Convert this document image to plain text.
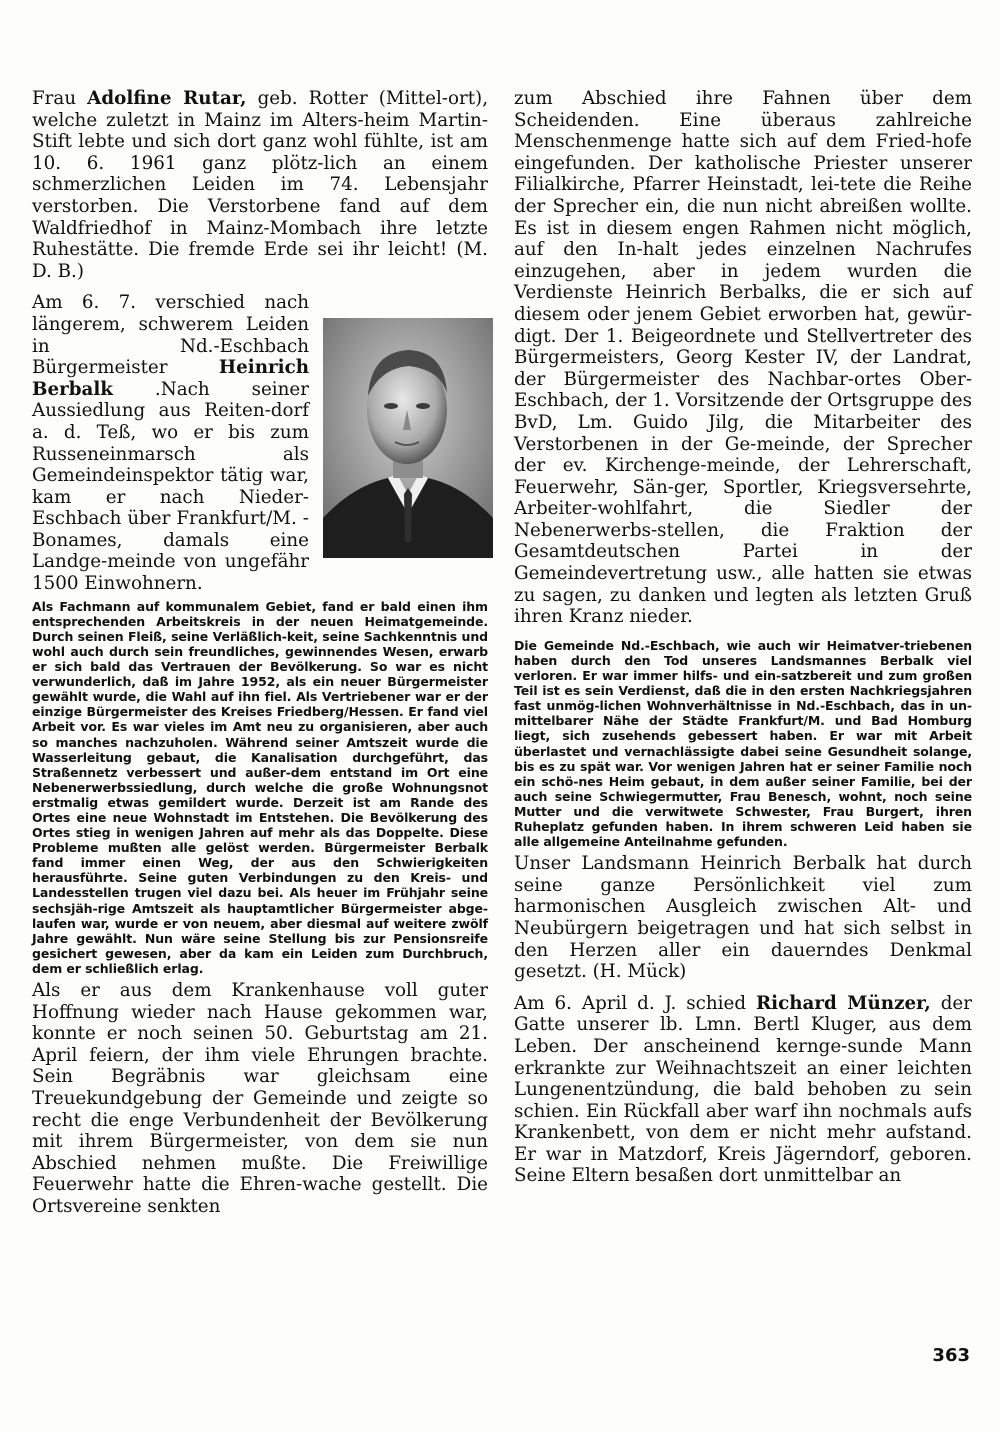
Frau Adolfine Rutar, geb. Rotter (Mittel-ort), welche zuletzt in Mainz im Alters-heim Martin-Stift lebte und sich dort ganz wohl fühlte, ist am 10. 6. 1961 ganz plötz-lich an einem schmerzlichen Leiden im 74. Lebensjahr verstorben. Die Verstorbene fand auf dem Waldfriedhof in Mainz-Mombach ihre letzte Ruhestätte. Die fremde Erde sei ihr leicht! (M. D. B.)

Am 6. 7. verschied nach längerem, schwerem Leiden in Nd.-Eschbach Bürgermeister Heinrich Berbalk .Nach seiner Aussiedlung aus Reiten-dorf a. d. Teß, wo er bis zum Russeneinmarsch als Gemeindeinspektor tätig war, kam er nach Nieder-Eschbach über Frankfurt/M. - Bonames, damals eine Landge-meinde von ungefähr 1500 Einwohnern.

Als Fachmann auf kommunalem Gebiet, fand er bald einen ihm entsprechenden Arbeitskreis in der neuen Heimatgemeinde. Durch seinen Fleiß, seine Verläßlich-keit, seine Sachkenntnis und wohl auch durch sein freundliches, gewinnendes Wesen, erwarb er sich bald das Vertrauen der Bevölkerung. So war es nicht verwunderlich, daß im Jahre 1952, als ein neuer Bürgermeister gewählt wurde, die Wahl auf ihn fiel. Als Vertriebener war er der einzige Bürgermeister des Kreises Friedberg/Hessen. Er fand viel Arbeit vor. Es war vieles im Amt neu zu organisieren, aber auch so manches nachzuholen. Während seiner Amtszeit wurde die Wasserleitung gebaut, die Kanalisation durchgeführt, das Straßennetz verbessert und außer-dem entstand im Ort eine Nebenerwerbssiedlung, durch welche die große Wohnungsnot erstmalig etwas gemildert wurde. Derzeit ist am Rande des Ortes eine neue Wohnstadt im Entstehen. Die Bevölkerung des Ortes stieg in wenigen Jahren auf mehr als das Doppelte. Diese Probleme mußten alle gelöst werden. Bürgermeister Berbalk fand immer einen Weg, der aus den Schwierigkeiten herausführte. Seine guten Verbindungen zu den Kreis- und Landesstellen trugen viel dazu bei. Als heuer im Frühjahr seine sechsjäh-rige Amtszeit als hauptamtlicher Bürgermeister abge-laufen war, wurde er von neuem, aber diesmal auf weitere zwölf Jahre gewählt. Nun wäre seine Stellung bis zur Pensionsreife gesichert gewesen, aber da kam ein Leiden zum Durchbruch, dem er schließlich erlag.

Als er aus dem Krankenhause voll guter Hoffnung wieder nach Hause gekommen war, konnte er noch seinen 50. Geburtstag am 21. April feiern, der ihm viele Ehrungen brachte. Sein Begräbnis war gleichsam eine Treuekundgebung der Gemeinde und zeigte so recht die enge Verbundenheit der Bevölkerung mit ihrem Bürgermeister, von dem sie nun Abschied nehmen mußte. Die Freiwillige Feuerwehr hatte die Ehren-wache gestellt. Die Ortsvereine senkten

zum Abschied ihre Fahnen über dem Scheidenden. Eine überaus zahlreiche Menschenmenge hatte sich auf dem Fried-hofe eingefunden. Der katholische Priester unserer Filialkirche, Pfarrer Heinstadt, lei-tete die Reihe der Sprecher ein, die nun nicht abreißen wollte. Es ist in diesem engen Rahmen nicht möglich, auf den In-halt jedes einzelnen Nachrufes einzugehen, aber in jedem wurden die Verdienste Heinrich Berbalks, die er sich auf diesem oder jenem Gebiet erworben hat, gewür-digt. Der 1. Beigeordnete und Stellvertreter des Bürgermeisters, Georg Kester IV, der Landrat, der Bürgermeister des Nachbar-ortes Ober-Eschbach, der 1. Vorsitzende der Ortsgruppe des BvD, Lm. Guido Jilg, die Mitarbeiter des Verstorbenen in der Ge-meinde, der Sprecher der ev. Kirchenge-meinde, der Lehrerschaft, Feuerwehr, Sän-ger, Sportler, Kriegsversehrte, Arbeiter-wohlfahrt, die Siedler der Nebenerwerbs-stellen, die Fraktion der Gesamtdeutschen Partei in der Gemeindevertretung usw., alle hatten sie etwas zu sagen, zu danken und legten als letzten Gruß ihren Kranz nieder.

Die Gemeinde Nd.-Eschbach, wie auch wir Heimatver-triebenen haben durch den Tod unseres Landsmannes Berbalk viel verloren. Er war immer hilfs- und ein-satzbereit und zum großen Teil ist es sein Verdienst, daß die in den ersten Nachkriegsjahren fast unmög-lichen Wohnverhältnisse in Nd.-Eschbach, das in un-mittelbarer Nähe der Städte Frankfurt/M. und Bad Homburg liegt, sich zusehends gebessert haben. Er war mit Arbeit überlastet und vernachlässigte dabei seine Gesundheit solange, bis es zu spät war. Vor wenigen Jahren hat er seiner Familie noch ein schö-nes Heim gebaut, in dem außer seiner Familie, bei der auch seine Schwiegermutter, Frau Benesch, wohnt, noch seine Mutter und die verwitwete Schwester, Frau Burgert, ihren Ruheplatz gefunden haben. In ihrem schweren Leid haben sie alle allgemeine Anteilnahme gefunden.

Unser Landsmann Heinrich Berbalk hat durch seine ganze Persönlichkeit viel zum harmonischen Ausgleich zwischen Alt- und Neubürgern beigetragen und hat sich selbst in den Herzen aller ein dauerndes Denkmal gesetzt. (H. Mück)

Am 6. April d. J. schied Richard Münzer, der Gatte unserer lb. Lmn. Bertl Kluger, aus dem Leben. Der anscheinend kernge-sunde Mann erkrankte zur Weihnachtszeit an einer leichten Lungenentzündung, die bald behoben zu sein schien. Ein Rückfall aber warf ihn nochmals aufs Krankenbett, von dem er nicht mehr aufstand. Er war in Matzdorf, Kreis Jägerndorf, geboren. Seine Eltern besaßen dort unmittelbar an

363
